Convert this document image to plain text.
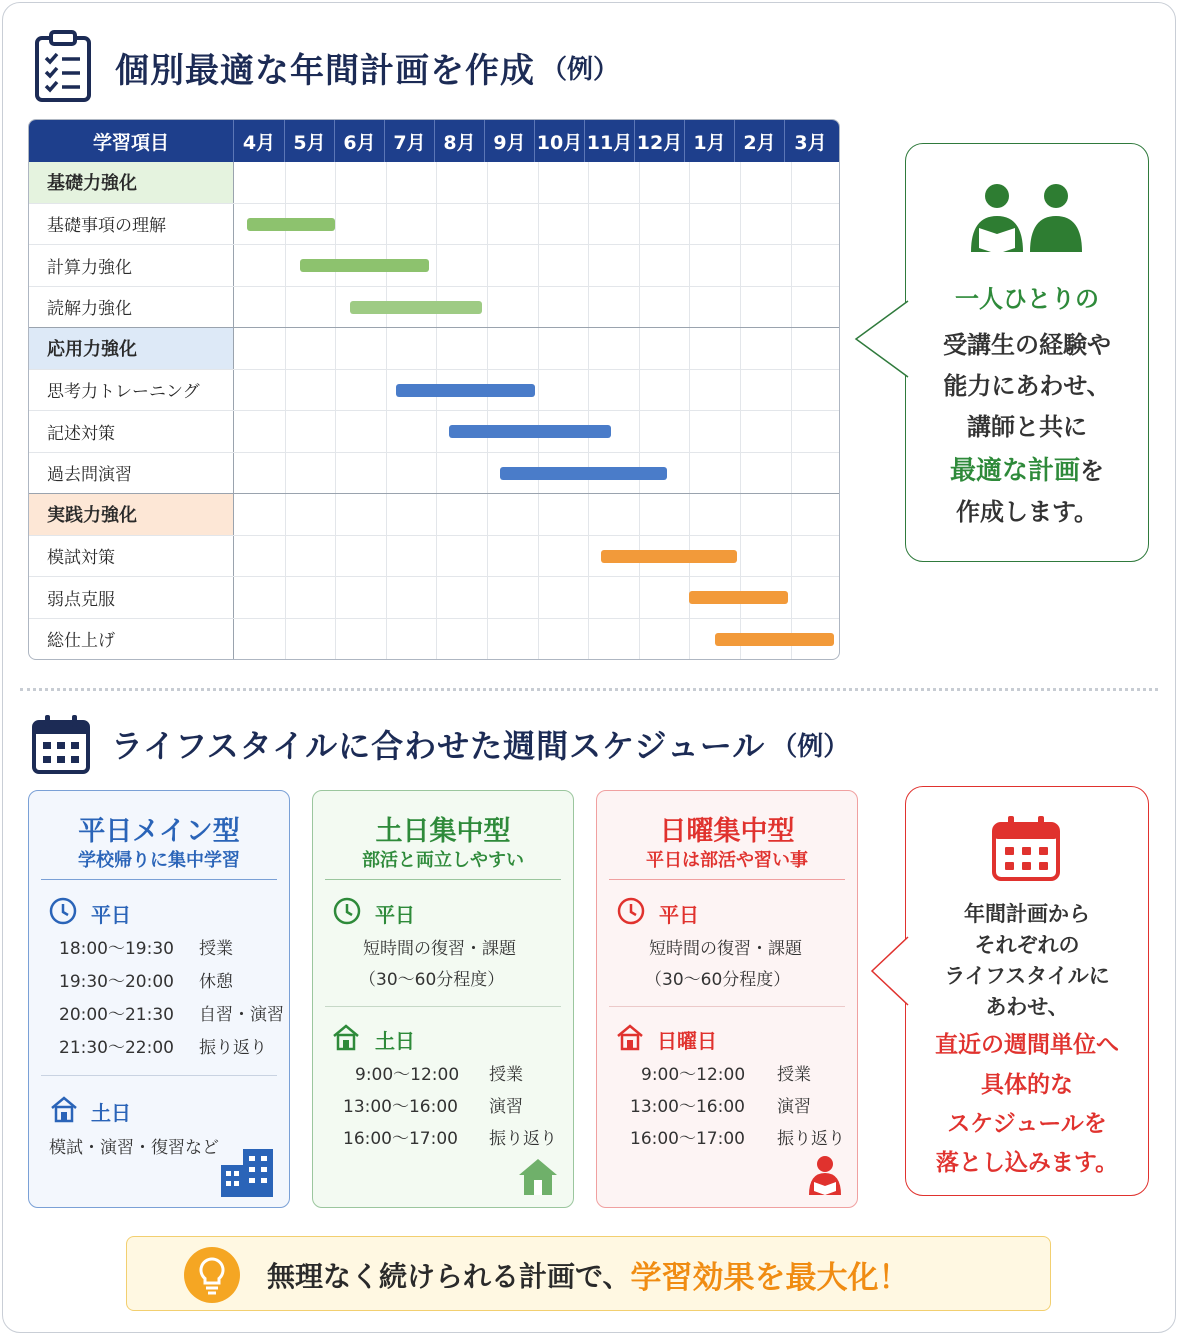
個別最適な年間計画を作成 （例）
学習項目	4月 5月 6月 7月 8月 9月 10月 11月 12月 1月 2月 3月
基礎力強化
基礎事項の理解
計算力強化
読解力強化
応用力強化
思考力トレーニング
記述対策
過去問演習
実践力強化
模試対策
弱点克服
総仕上げ
一人ひとりの
受講生の経験や
能力にあわせ、
講師と共に
最適な計画を
作成します。
ライフスタイルに合わせた週間スケジュール （例）
平日メイン型
学校帰りに集中学習
平日
18:00〜19:30 授業
19:30〜20:00 休憩
20:00〜21:30 自習・演習
21:30〜22:00 振り返り
土日
模試・演習・復習など
土日集中型
部活と両立しやすい
平日
短時間の復習・課題
（30〜60分程度）
土日
9:00〜12:00 授業
13:00〜16:00 演習
16:00〜17:00 振り返り
日曜集中型
平日は部活や習い事
平日
短時間の復習・課題
（30〜60分程度）
日曜日
9:00〜12:00 授業
13:00〜16:00 演習
16:00〜17:00 振り返り
年間計画から
それぞれの
ライフスタイルに
あわせ、
直近の週間単位へ
具体的な
スケジュールを
落とし込みます。
無理なく続けられる計画で、 学習効果を最大化！
